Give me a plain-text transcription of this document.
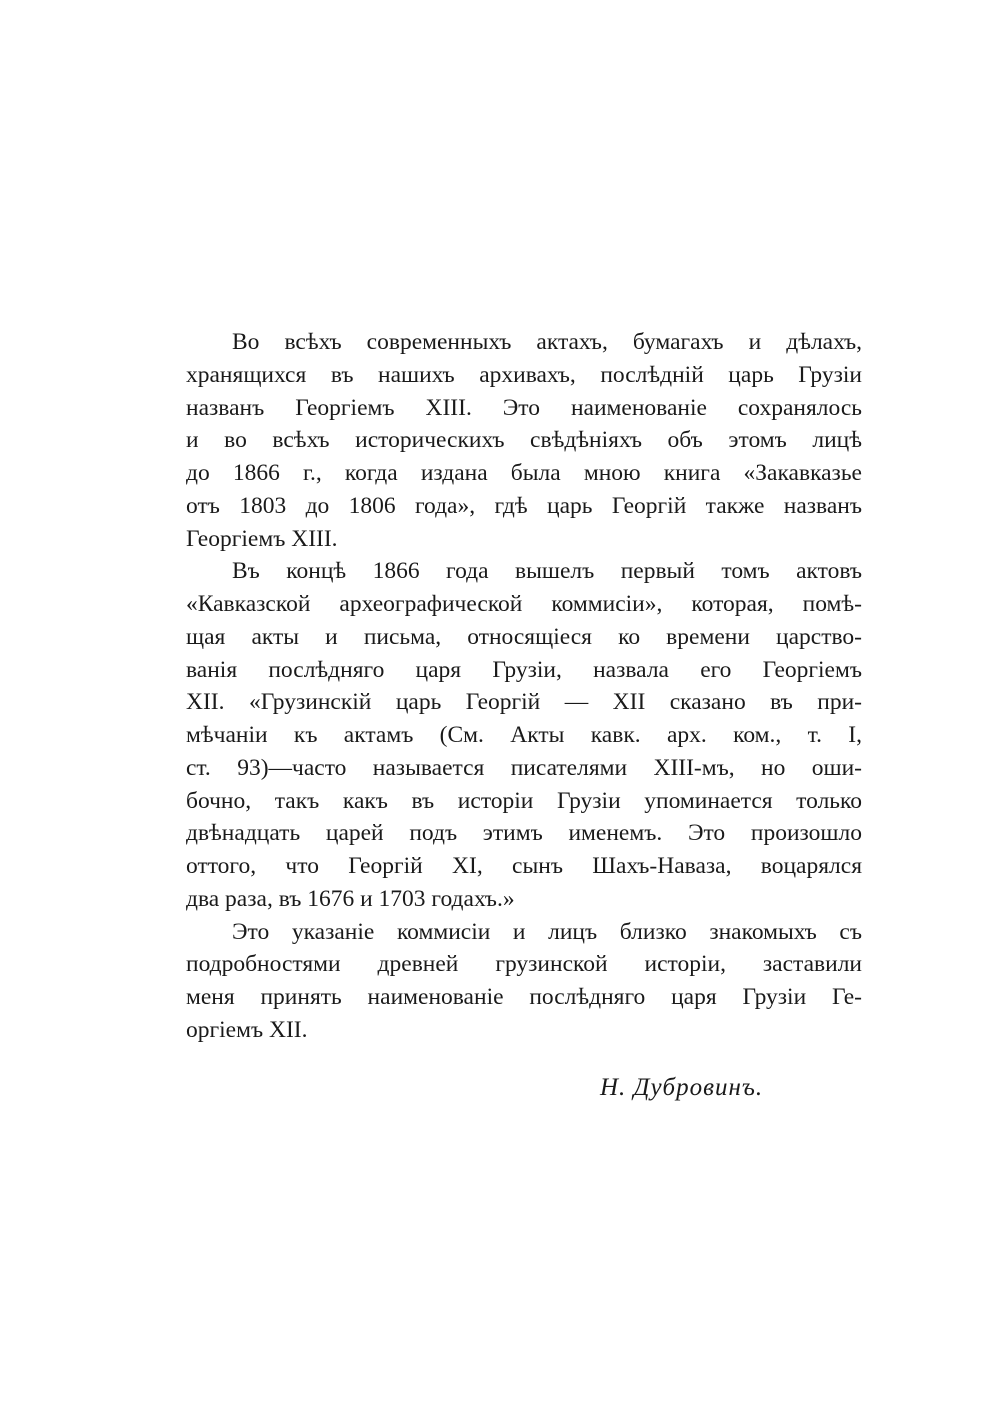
Во всѣхъ современныхъ актахъ, бумагахъ и дѣлахъ,
хранящихся въ нашихъ архивахъ, послѣднiй царь Грузiи
названъ Георгiемъ XIII. Это наименованiе сохранялось
и во всѣхъ историческихъ свѣдѣнiяхъ объ этомъ лицѣ
до 1866 г., когда издана была мною книга «Закавказье
отъ 1803 до 1806 года», гдѣ царь Георгiй также названъ
Георгiемъ XIII.
Въ концѣ 1866 года вышелъ первый томъ актовъ
«Кавказской археографической коммисiи», которая, помѣ-
щая акты и письма, относящiеся ко времени царство-
ванiя послѣдняго царя Грузiи, назвала его Георгiемъ
XII. «Грузинскiй царь Георгiй — XII сказано въ при-
мѣчанiи къ актамъ (См. Акты кавк. арх. ком., т. I,
ст. 93)—часто называется писателями XIII-мъ, но оши-
бочно, такъ какъ въ исторiи Грузiи упоминается только
двѣнадцать царей подъ этимъ именемъ. Это произошло
оттого, что Георгiй XI, сынъ Шахъ-Наваза, воцарялся
два раза, въ 1676 и 1703 годахъ.»
Это указанiе коммисiи и лицъ близко знакомыхъ съ
подробностями древней грузинской исторiи, заставили
меня принять наименованiе послѣдняго царя Грузiи Ге-
оргiемъ XII.
Н. Дубровинъ.
